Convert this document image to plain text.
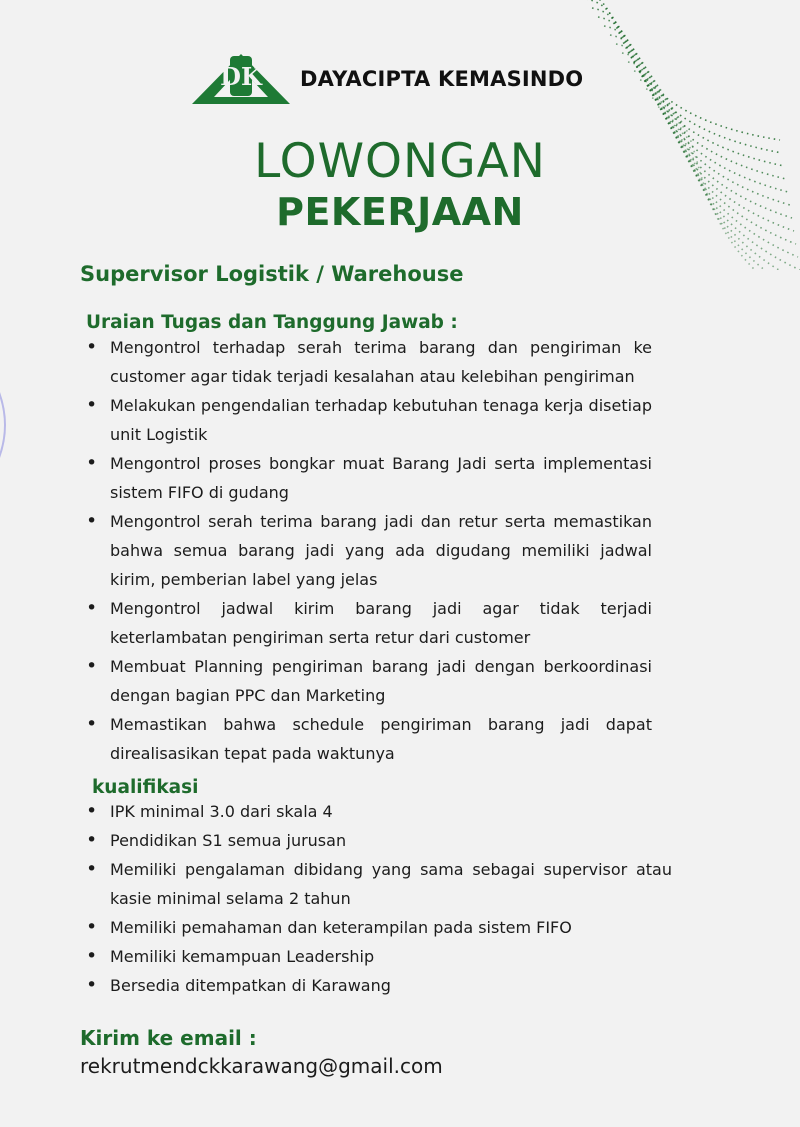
DK DAYACIPTA KEMASINDO
LOWONGAN
PEKERJAAN
Supervisor Logistik / Warehouse
Uraian Tugas dan Tanggung Jawab :
• Mengontrol terhadap serah terima barang dan pengiriman ke customer agar tidak terjadi kesalahan atau kelebihan pengiriman
• Melakukan pengendalian terhadap kebutuhan tenaga kerja disetiap unit Logistik
• Mengontrol proses bongkar muat Barang Jadi serta implementasi sistem FIFO di gudang
• Mengontrol serah terima barang jadi dan retur serta memastikan bahwa semua barang jadi yang ada digudang memiliki jadwal kirim, pemberian label yang jelas
• Mengontrol jadwal kirim barang jadi agar tidak terjadi keterlambatan pengiriman serta retur dari customer
• Membuat Planning pengiriman barang jadi dengan berkoordinasi dengan bagian PPC dan Marketing
• Memastikan bahwa schedule pengiriman barang jadi dapat direalisasikan tepat pada waktunya
kualifikasi
• IPK minimal 3.0 dari skala 4
• Pendidikan S1 semua jurusan
• Memiliki pengalaman dibidang yang sama sebagai supervisor atau kasie minimal selama 2 tahun
• Memiliki pemahaman dan keterampilan pada sistem FIFO
• Memiliki kemampuan Leadership
• Bersedia ditempatkan di Karawang
Kirim ke email :
rekrutmendckkarawang@gmail.com
